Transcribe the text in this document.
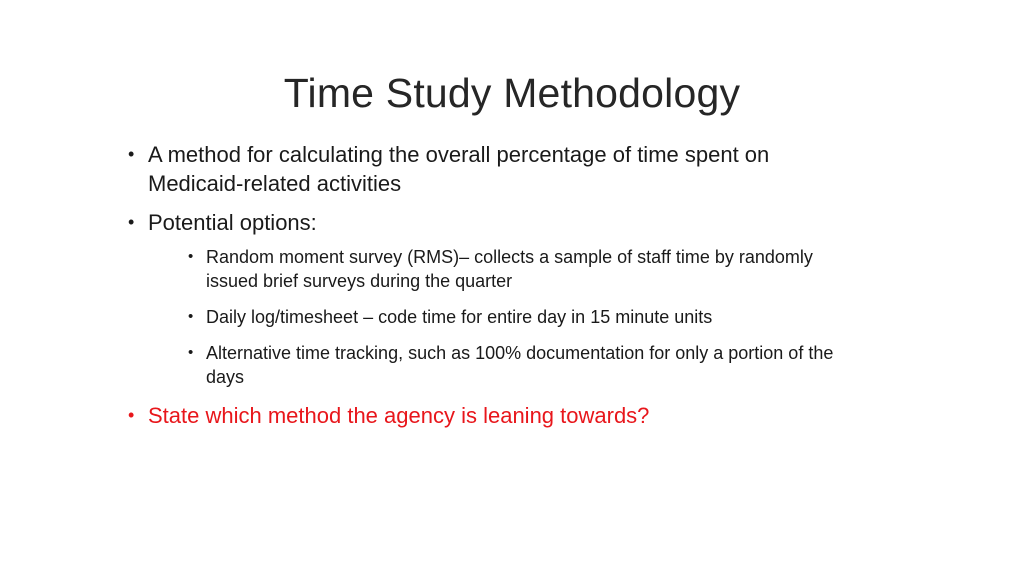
Time Study Methodology
• A method for calculating the overall percentage of time spent on Medicaid-related activities
• Potential options:
• Random moment survey (RMS)– collects a sample of staff time by randomly issued brief surveys during the quarter
• Daily log/timesheet – code time for entire day in 15 minute units
• Alternative time tracking, such as 100% documentation for only a portion of the days
• State which method the agency is leaning towards?
